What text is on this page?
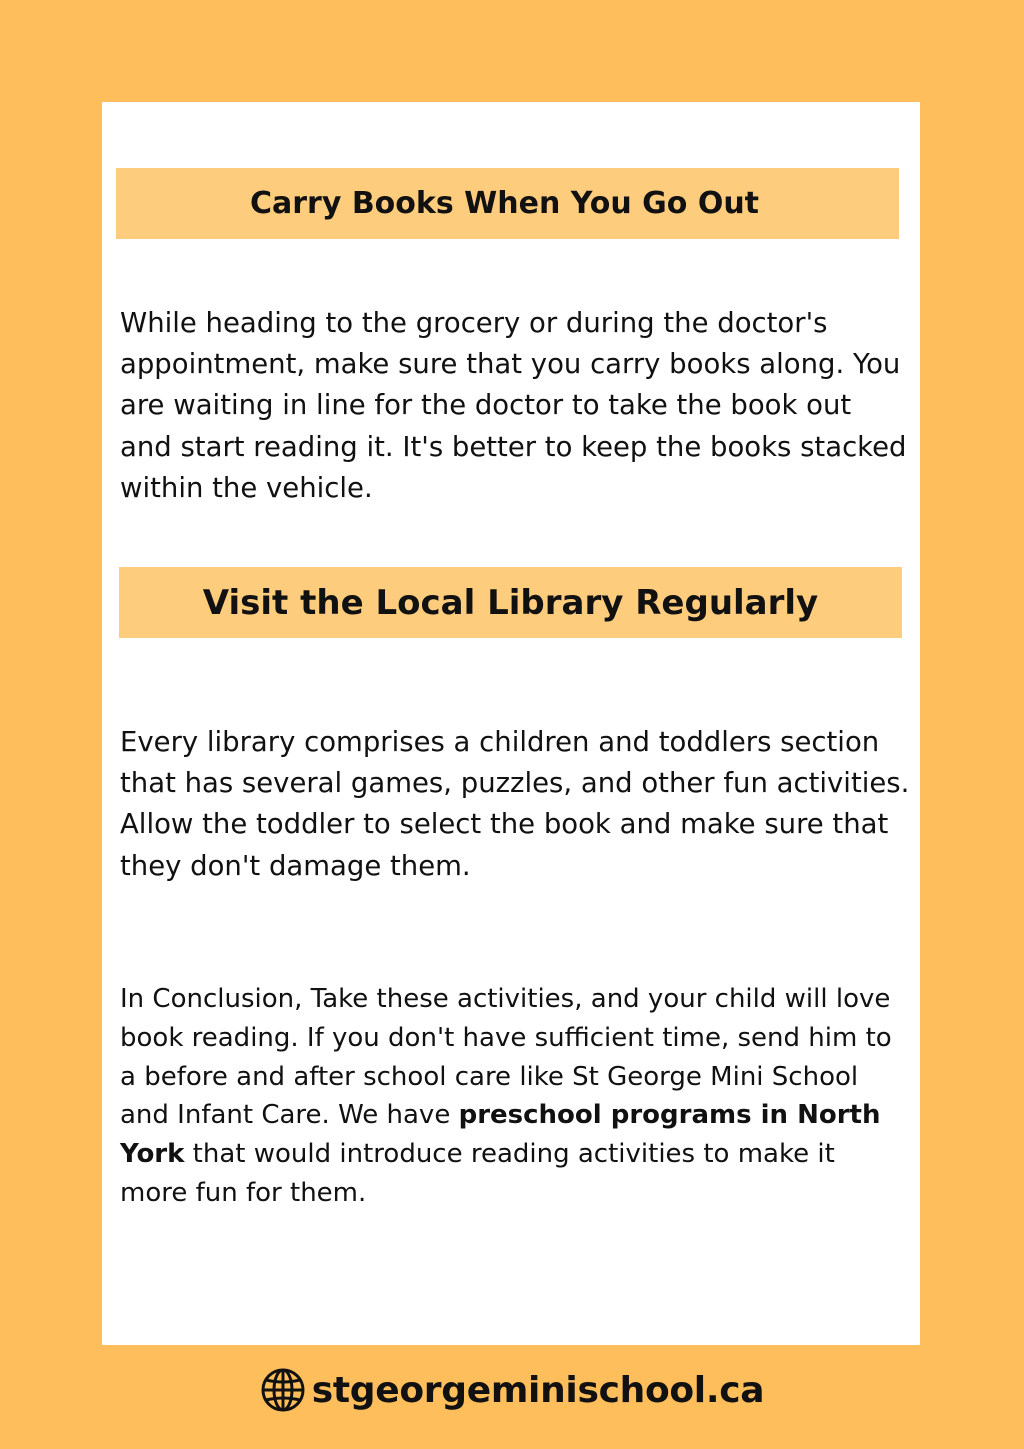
Carry Books When You Go Out

While heading to the grocery or during the doctor's appointment, make sure that you carry books along. You are waiting in line for the doctor to take the book out and start reading it. It's better to keep the books stacked within the vehicle.

Visit the Local Library Regularly

Every library comprises a children and toddlers section that has several games, puzzles, and other fun activities. Allow the toddler to select the book and make sure that they don't damage them.

In Conclusion, Take these activities, and your child will love book reading. If you don't have sufficient time, send him to a before and after school care like St George Mini School and Infant Care. We have preschool programs in North York that would introduce reading activities to make it more fun for them.

stgeorgeminischool.ca
